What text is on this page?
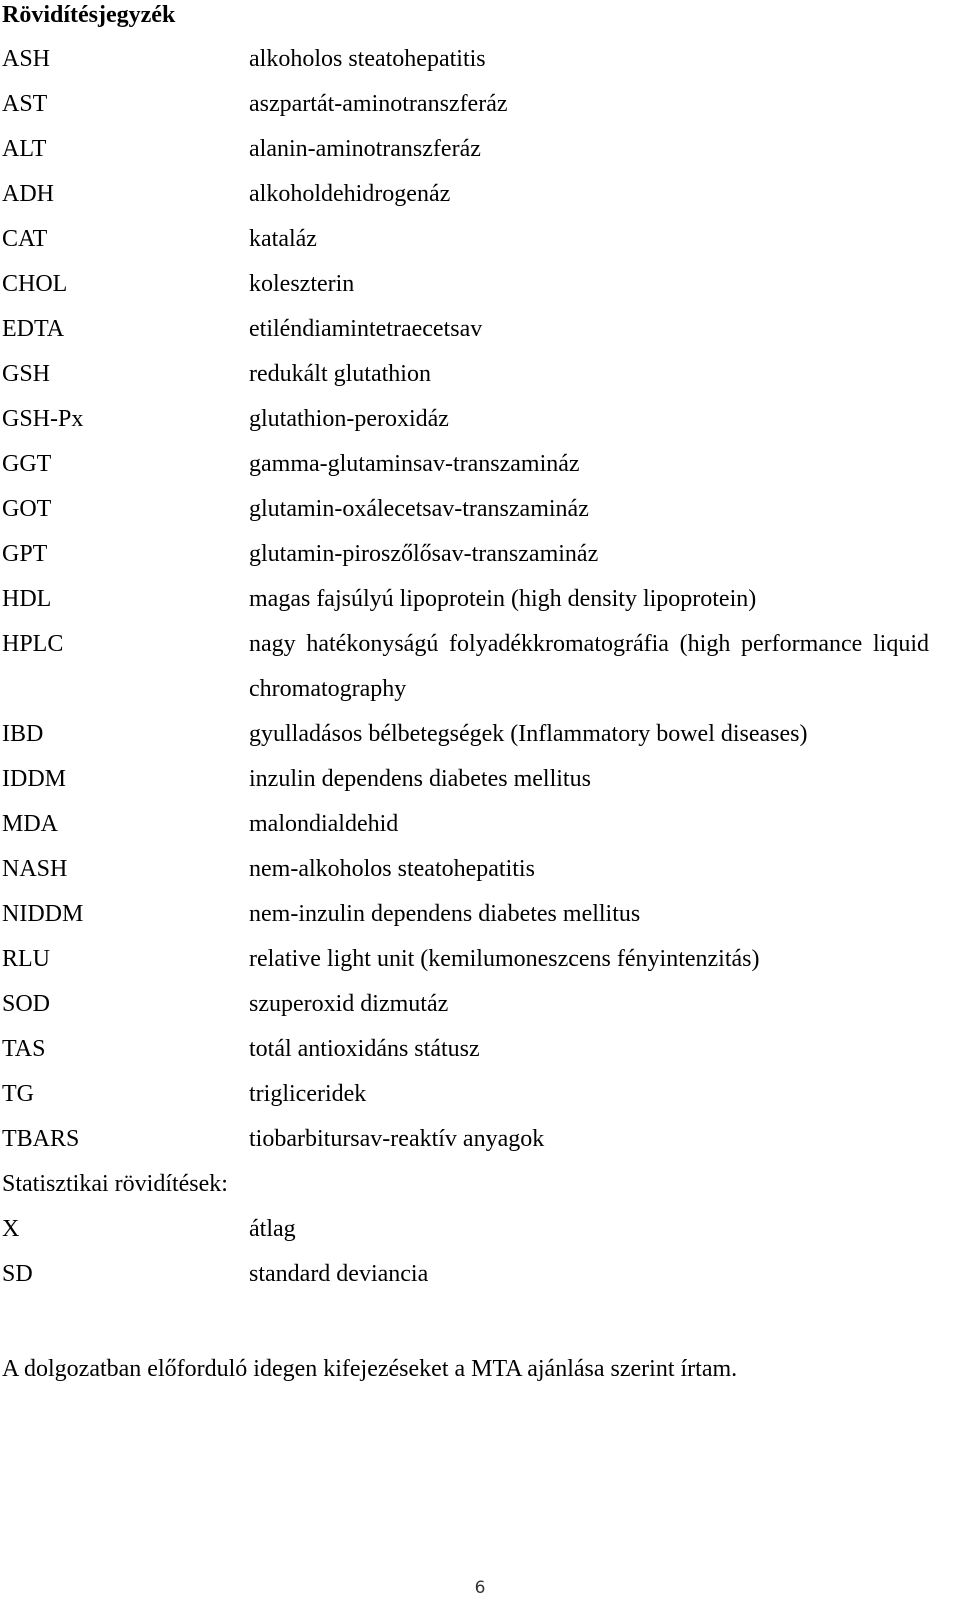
Rövidítésjegyzék
ASH	alkoholos steatohepatitis
AST	aszpartát-aminotranszferáz
ALT	alanin-aminotranszferáz
ADH	alkoholdehidrogenáz
CAT	kataláz
CHOL	koleszterin
EDTA	etiléndiamintetraecetsav
GSH	redukált glutathion
GSH-Px	glutathion-peroxidáz
GGT	gamma-glutaminsav-transzamináz
GOT	glutamin-oxálecetsav-transzamináz
GPT	glutamin-piroszőlősav-transzamináz
HDL	magas fajsúlyú lipoprotein (high density lipoprotein)
HPLC	nagy hatékonyságú folyadékkromatográfia (high performance liquid chromatography
IBD	gyulladásos bélbetegségek (Inflammatory bowel diseases)
IDDM	inzulin dependens diabetes mellitus
MDA	malondialdehid
NASH	nem-alkoholos steatohepatitis
NIDDM	nem-inzulin dependens diabetes mellitus
RLU	relative light unit (kemilumoneszcens fényintenzitás)
SOD	szuperoxid dizmutáz
TAS	totál antioxidáns státusz
TG	trigliceridek
TBARS	tiobarbitursav-reaktív anyagok
Statisztikai rövidítések:
X	átlag
SD	standard deviancia
A dolgozatban előforduló idegen kifejezéseket a MTA ajánlása szerint írtam.
6
